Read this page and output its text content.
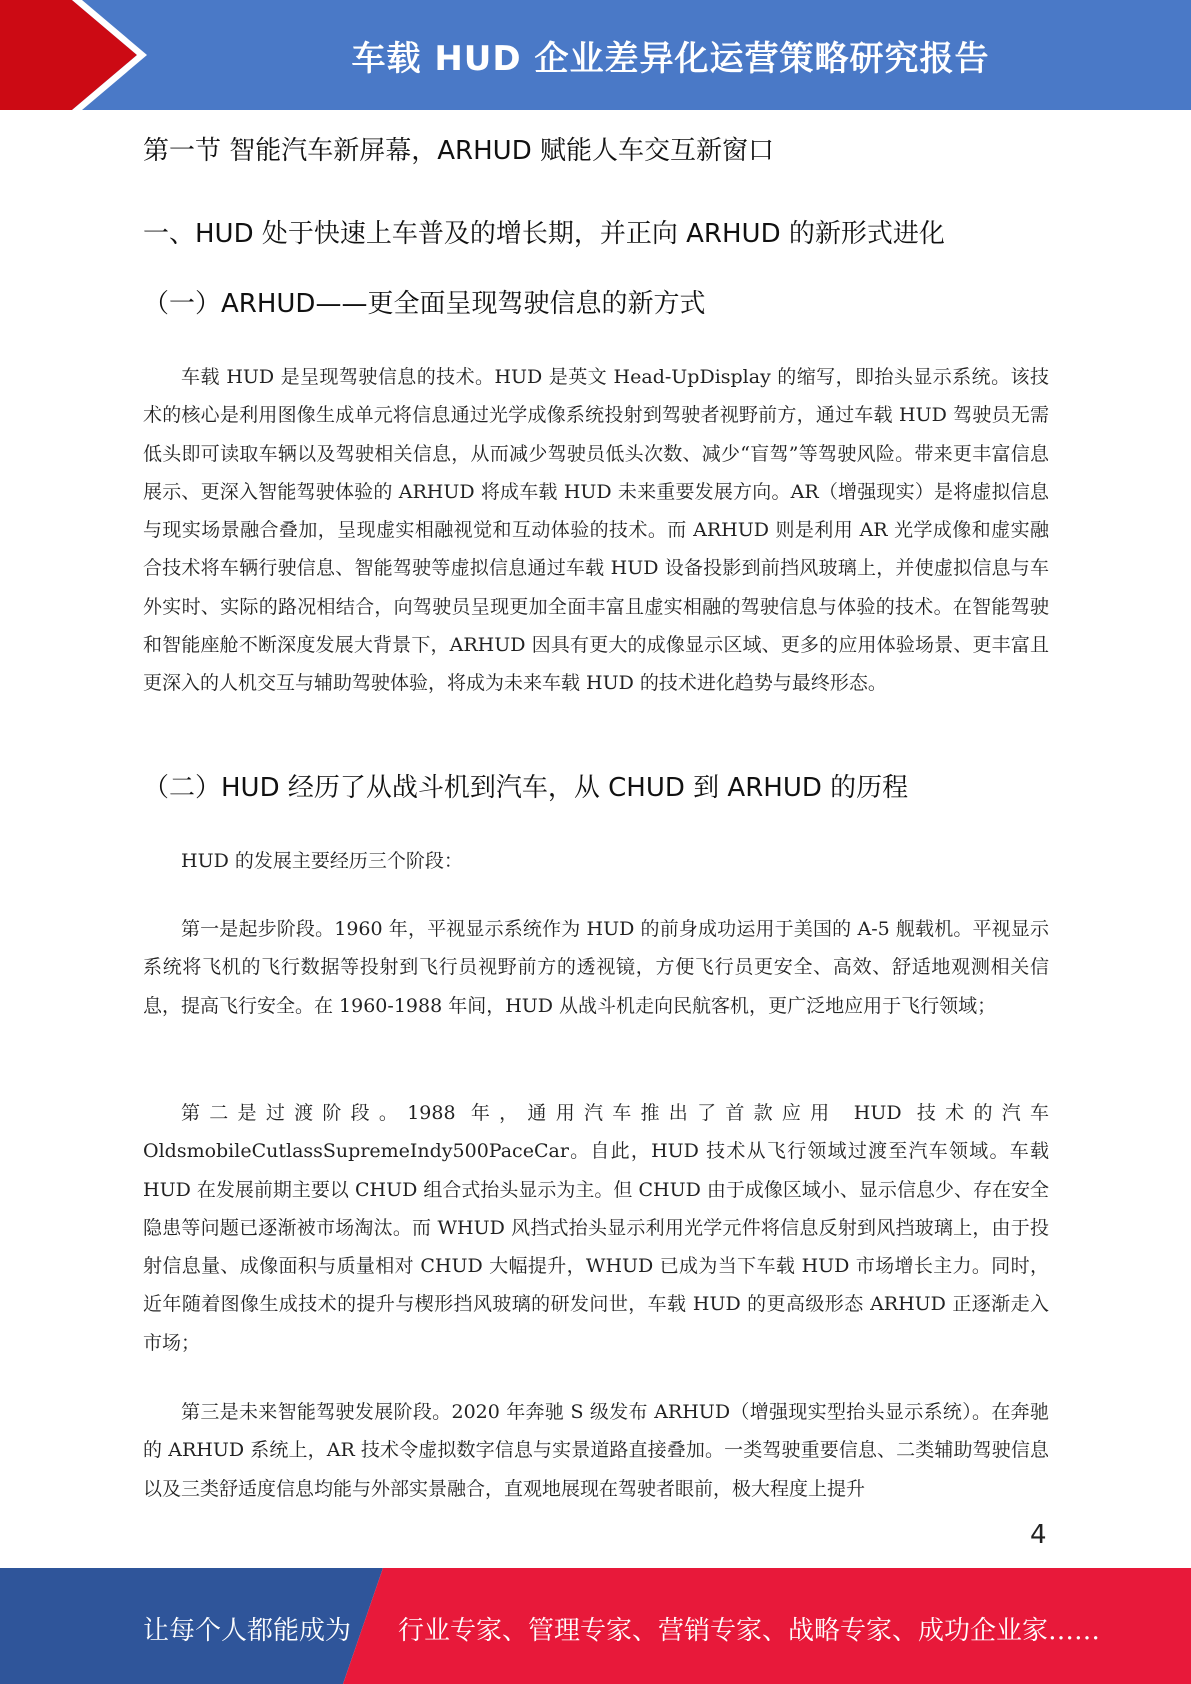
车载 HUD 企业差异化运营策略研究报告
第一节 智能汽车新屏幕，ARHUD 赋能人车交互新窗口
一、HUD 处于快速上车普及的增长期，并正向 ARHUD 的新形式进化
（一）ARHUD——更全面呈现驾驶信息的新方式

车载 HUD 是呈现驾驶信息的技术。HUD 是英文 Head-UpDisplay 的缩写，即抬头显示系统。该技术的核心是利用图像生成单元将信息通过光学成像系统投射到驾驶者视野前方，通过车载 HUD 驾驶员无需低头即可读取车辆以及驾驶相关信息，从而减少驾驶员低头次数、减少“盲驾”等驾驶风险。带来更丰富信息展示、更深入智能驾驶体验的 ARHUD 将成车载 HUD 未来重要发展方向。AR（增强现实）是将虚拟信息与现实场景融合叠加，呈现虚实相融视觉和互动体验的技术。而 ARHUD 则是利用 AR 光学成像和虚实融合技术将车辆行驶信息、智能驾驶等虚拟信息通过车载 HUD 设备投影到前挡风玻璃上，并使虚拟信息与车外实时、实际的路况相结合，向驾驶员呈现更加全面丰富且虚实相融的驾驶信息与体验的技术。在智能驾驶和智能座舱不断深度发展大背景下，ARHUD 因具有更大的成像显示区域、更多的应用体验场景、更丰富且更深入的人机交互与辅助驾驶体验，将成为未来车载 HUD 的技术进化趋势与最终形态。

（二）HUD 经历了从战斗机到汽车，从 CHUD 到 ARHUD 的历程

HUD 的发展主要经历三个阶段：

第一是起步阶段。1960 年，平视显示系统作为 HUD 的前身成功运用于美国的 A-5 舰载机。平视显示系统将飞机的飞行数据等投射到飞行员视野前方的透视镜，方便飞行员更安全、高效、舒适地观测相关信息，提高飞行安全。在 1960-1988 年间，HUD 从战斗机走向民航客机，更广泛地应用于飞行领域；

第二是过渡阶段。1988 年，通用汽车推出了首款应用 HUD 技术的汽车 OldsmobileCutlassSupremeIndy500PaceCar。自此，HUD 技术从飞行领域过渡至汽车领域。车载 HUD 在发展前期主要以 CHUD 组合式抬头显示为主。但 CHUD 由于成像区域小、显示信息少、存在安全隐患等问题已逐渐被市场淘汰。而 WHUD 风挡式抬头显示利用光学元件将信息反射到风挡玻璃上，由于投射信息量、成像面积与质量相对 CHUD 大幅提升，WHUD 已成为当下车载 HUD 市场增长主力。同时，近年随着图像生成技术的提升与楔形挡风玻璃的研发问世，车载 HUD 的更高级形态 ARHUD 正逐渐走入市场；

第三是未来智能驾驶发展阶段。2020 年奔驰 S 级发布 ARHUD（增强现实型抬头显示系统）。在奔驰的 ARHUD 系统上，AR 技术令虚拟数字信息与实景道路直接叠加。一类驾驶重要信息、二类辅助驾驶信息以及三类舒适度信息均能与外部实景融合，直观地展现在驾驶者眼前，极大程度上提升

4
让每个人都能成为 行业专家、管理专家、营销专家、战略专家、成功企业家……
